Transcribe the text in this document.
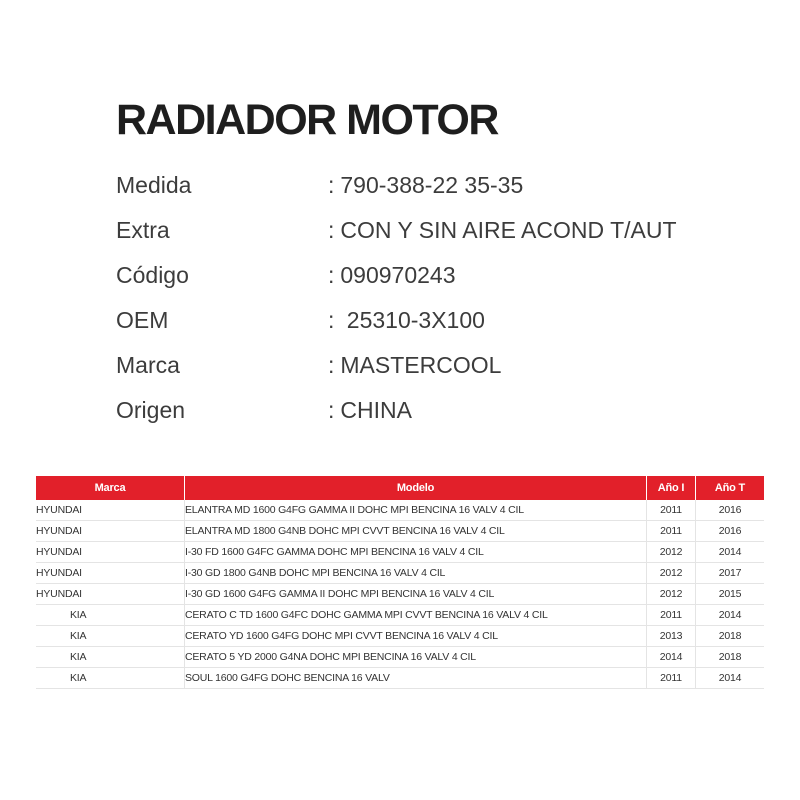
RADIADOR MOTOR
Medida	: 790-388-22 35-35
Extra	: CON Y SIN AIRE ACOND T/AUT
Código	: 090970243
OEM	: 25310-3X100
Marca	: MASTERCOOL
Origen	: CHINA
Marca	Modelo	Año I	Año T
HYUNDAI	ELANTRA MD 1600 G4FG GAMMA II DOHC MPI BENCINA 16 VALV 4 CIL	2011	2016
HYUNDAI	ELANTRA MD 1800 G4NB DOHC MPI CVVT BENCINA 16 VALV 4 CIL	2011	2016
HYUNDAI	I-30 FD 1600 G4FC GAMMA DOHC MPI BENCINA 16 VALV 4 CIL	2012	2014
HYUNDAI	I-30 GD 1800 G4NB DOHC MPI BENCINA 16 VALV 4 CIL	2012	2017
HYUNDAI	I-30 GD 1600 G4FG GAMMA II DOHC MPI BENCINA 16 VALV 4 CIL	2012	2015
KIA	CERATO C TD 1600 G4FC DOHC GAMMA MPI CVVT BENCINA 16 VALV 4 CIL	2011	2014
KIA	CERATO YD 1600 G4FG DOHC MPI CVVT BENCINA 16 VALV 4 CIL	2013	2018
KIA	CERATO 5 YD 2000 G4NA DOHC MPI BENCINA 16 VALV 4 CIL	2014	2018
KIA	SOUL 1600 G4FG DOHC BENCINA 16 VALV	2011	2014
